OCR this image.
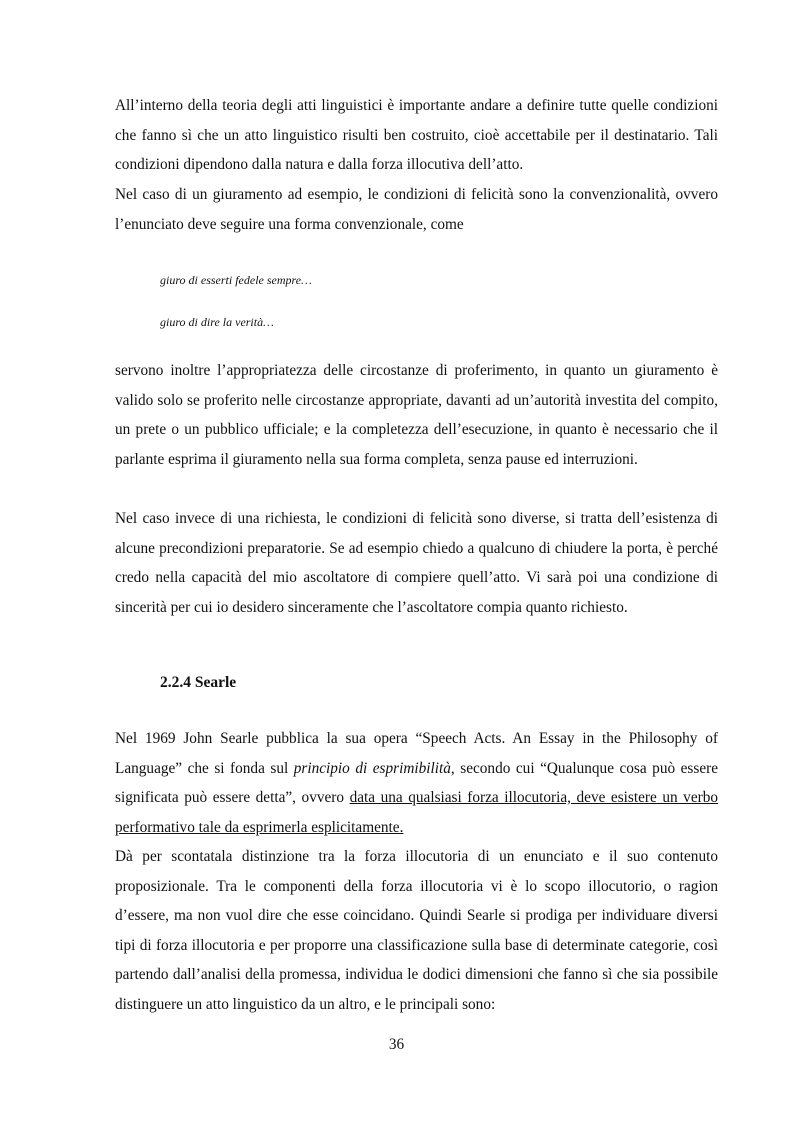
All’interno della teoria degli atti linguistici è importante andare a definire tutte quelle condizioni che fanno sì che un atto linguistico risulti ben costruito, cioè accettabile per il destinatario. Tali condizioni dipendono dalla natura e dalla forza illocutiva dell’atto.

Nel caso di un giuramento ad esempio, le condizioni di felicità sono la convenzionalità, ovvero l’enunciato deve seguire una forma convenzionale, come

giuro di esserti fedele sempre…

giuro di dire la verità…

servono inoltre l’appropriatezza delle circostanze di proferimento, in quanto un giuramento è valido solo se proferito nelle circostanze appropriate, davanti ad un’autorità investita del compito, un prete o un pubblico ufficiale; e la completezza dell’esecuzione, in quanto è necessario che il parlante esprima il giuramento nella sua forma completa, senza pause ed interruzioni.

Nel caso invece di una richiesta, le condizioni di felicità sono diverse, si tratta dell’esistenza di alcune precondizioni preparatorie. Se ad esempio chiedo a qualcuno di chiudere la porta, è perché credo nella capacità del mio ascoltatore di compiere quell’atto. Vi sarà poi una condizione di sincerità per cui io desidero sinceramente che l’ascoltatore compia quanto richiesto.

2.2.4 Searle

Nel 1969 John Searle pubblica la sua opera “Speech Acts. An Essay in the Philosophy of Language” che si fonda sul principio di esprimibilità, secondo cui “Qualunque cosa può essere significata può essere detta”, ovvero data una qualsiasi forza illocutoria, deve esistere un verbo performativo tale da esprimerla esplicitamente.

Dà per scontatala distinzione tra la forza illocutoria di un enunciato e il suo contenuto proposizionale. Tra le componenti della forza illocutoria vi è lo scopo illocutorio, o ragion d’essere, ma non vuol dire che esse coincidano. Quindi Searle si prodiga per individuare diversi tipi di forza illocutoria e per proporre una classificazione sulla base di determinate categorie, così partendo dall’analisi della promessa, individua le dodici dimensioni che fanno sì che sia possibile distinguere un atto linguistico da un altro, e le principali sono:

36
